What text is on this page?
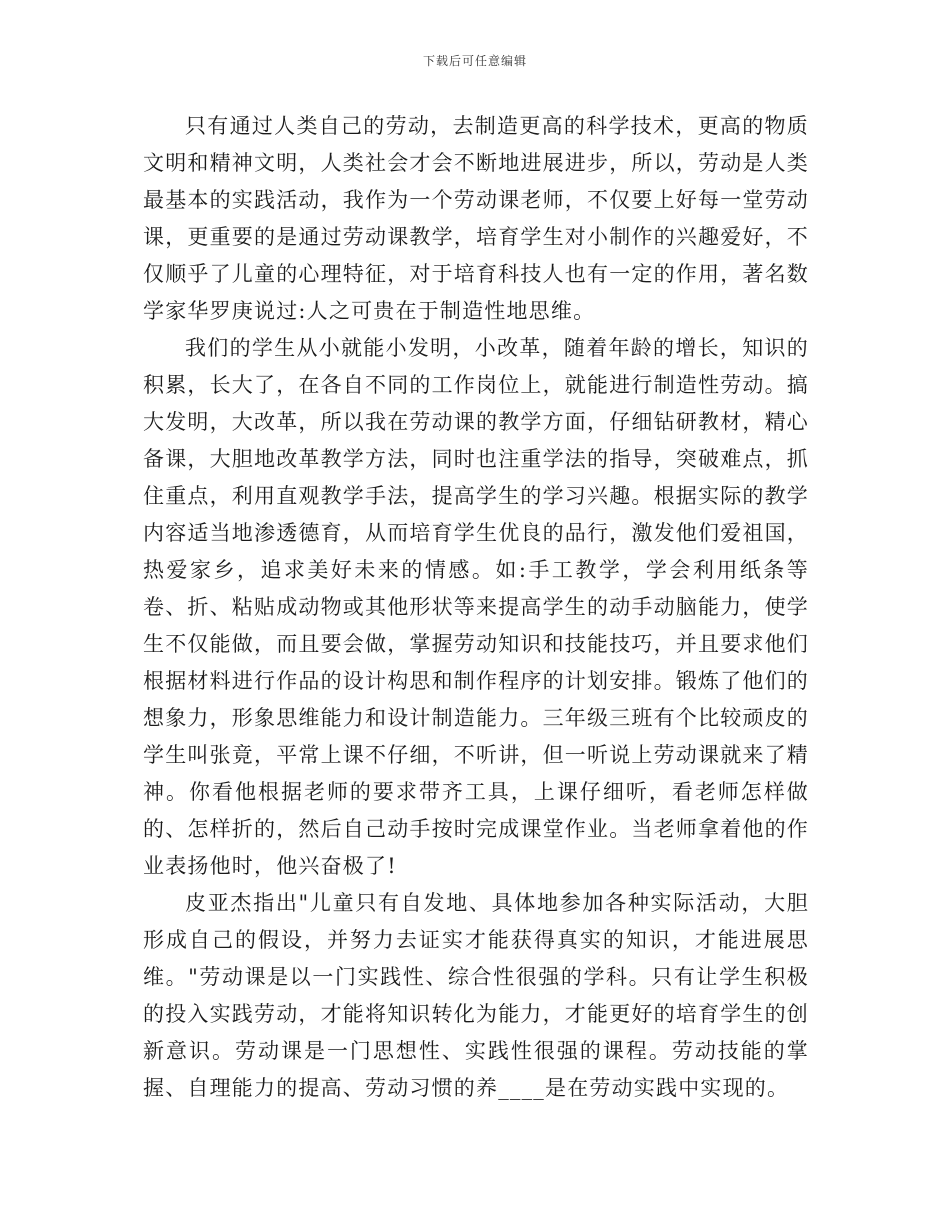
下载后可任意编辑

只有通过人类自己的劳动，去制造更高的科学技术，更高的物质文明和精神文明，人类社会才会不断地进展进步，所以，劳动是人类最基本的实践活动，我作为一个劳动课老师，不仅要上好每一堂劳动课，更重要的是通过劳动课教学，培育学生对小制作的兴趣爱好，不仅顺乎了儿童的心理特征，对于培育科技人也有一定的作用，著名数学家华罗庚说过:人之可贵在于制造性地思维。

我们的学生从小就能小发明，小改革，随着年龄的增长，知识的积累，长大了，在各自不同的工作岗位上，就能进行制造性劳动。搞大发明，大改革，所以我在劳动课的教学方面，仔细钻研教材，精心备课，大胆地改革教学方法，同时也注重学法的指导，突破难点，抓住重点，利用直观教学手法，提高学生的学习兴趣。根据实际的教学内容适当地渗透德育，从而培育学生优良的品行，激发他们爱祖国，热爱家乡，追求美好未来的情感。如:手工教学，学会利用纸条等卷、折、粘贴成动物或其他形状等来提高学生的动手动脑能力，使学生不仅能做，而且要会做，掌握劳动知识和技能技巧，并且要求他们根据材料进行作品的设计构思和制作程序的计划安排。锻炼了他们的想象力，形象思维能力和设计制造能力。三年级三班有个比较顽皮的学生叫张竟，平常上课不仔细，不听讲，但一听说上劳动课就来了精神。你看他根据老师的要求带齐工具，上课仔细听，看老师怎样做的、怎样折的，然后自己动手按时完成课堂作业。当老师拿着他的作业表扬他时，他兴奋极了!

皮亚杰指出"儿童只有自发地、具体地参加各种实际活动，大胆形成自己的假设，并努力去证实才能获得真实的知识，才能进展思维。"劳动课是以一门实践性、综合性很强的学科。只有让学生积极的投入实践劳动，才能将知识转化为能力，才能更好的培育学生的创新意识。劳动课是一门思想性、实践性很强的课程。劳动技能的掌握、自理能力的提高、劳动习惯的养____是在劳动实践中实现的。
